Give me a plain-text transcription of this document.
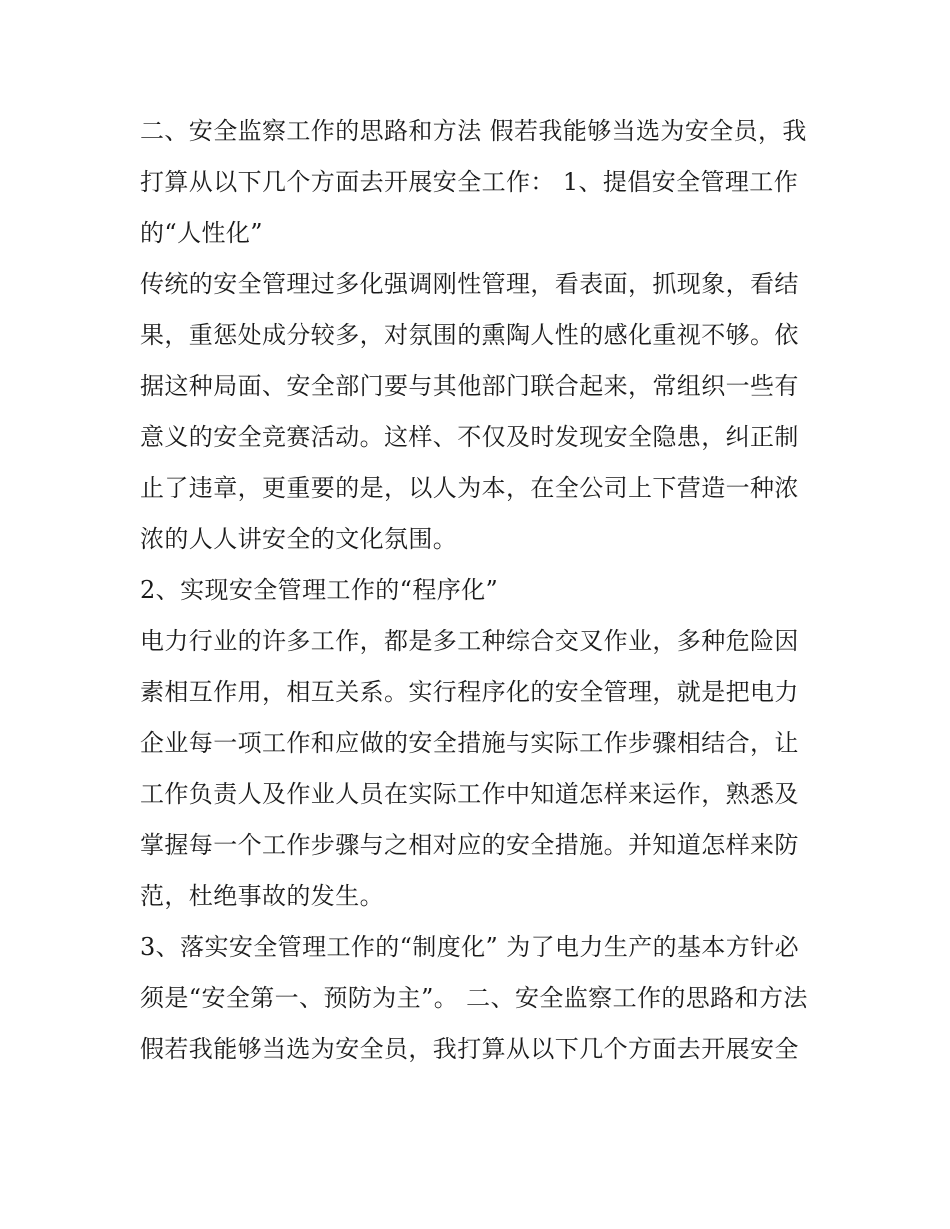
二、安全监察工作的思路和方法 假若我能够当选为安全员，我打算从以下几个方面去开展安全工作： 1、提倡安全管理工作的“人性化”

传统的安全管理过多化强调刚性管理，看表面，抓现象，看结果，重惩处成分较多，对氛围的熏陶人性的感化重视不够。依据这种局面、安全部门要与其他部门联合起来，常组织一些有意义的安全竞赛活动。这样、不仅及时发现安全隐患，纠正制止了违章，更重要的是，以人为本，在全公司上下营造一种浓浓的人人讲安全的文化氛围。

2、实现安全管理工作的“程序化”

电力行业的许多工作，都是多工种综合交叉作业，多种危险因素相互作用，相互关系。实行程序化的安全管理，就是把电力企业每一项工作和应做的安全措施与实际工作步骤相结合，让工作负责人及作业人员在实际工作中知道怎样来运作，熟悉及掌握每一个工作步骤与之相对应的安全措施。并知道怎样来防范，杜绝事故的发生。

3、落实安全管理工作的“制度化” 为了电力生产的基本方针必须是“安全第一、预防为主”。 二、安全监察工作的思路和方法

假若我能够当选为安全员，我打算从以下几个方面去开展安全
